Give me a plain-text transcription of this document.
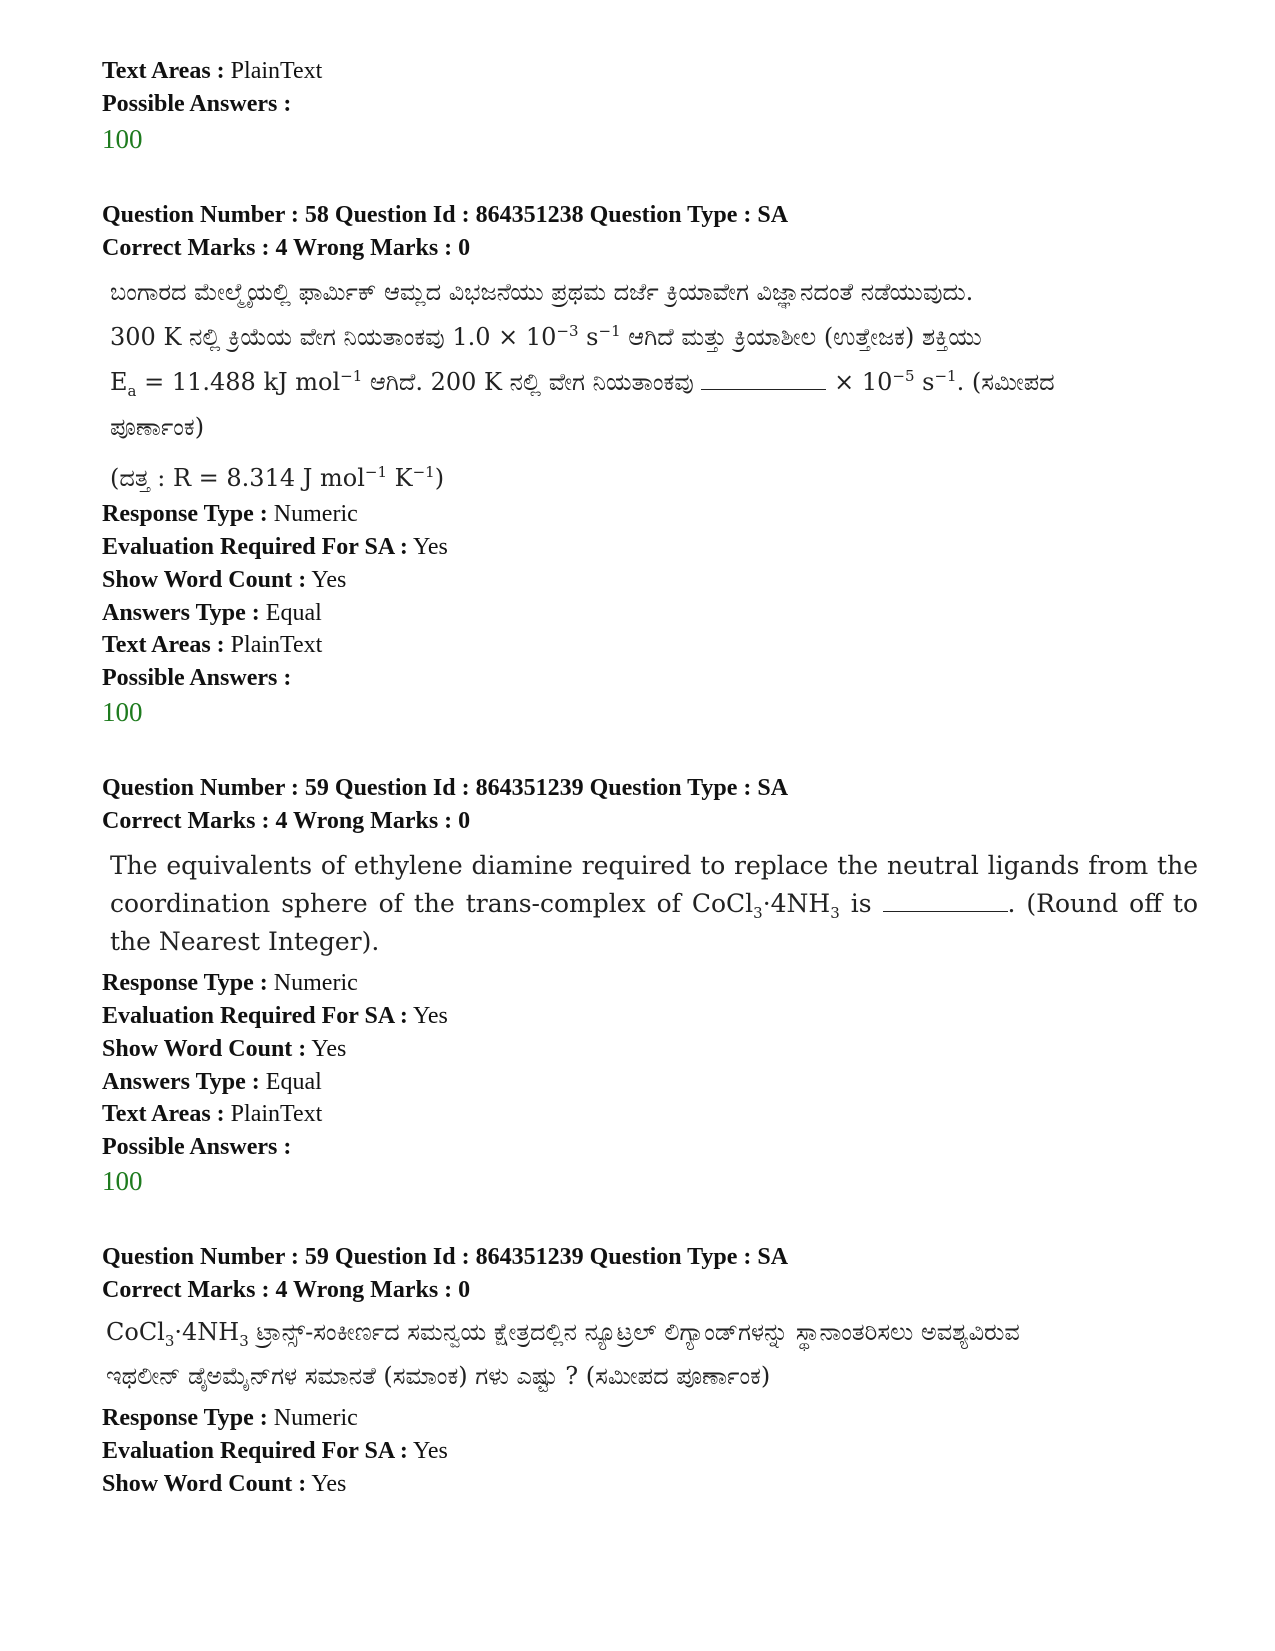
Text Areas : PlainText
Possible Answers :
100
Question Number : 58 Question Id : 864351238 Question Type : SA
Correct Marks : 4 Wrong Marks : 0

ಬಂಗಾರದ ಮೇಲ್ಮೈಯಲ್ಲಿ ಫಾರ್ಮಿಕ್ ಆಮ್ಲದ ವಿಭಜನೆಯು ಪ್ರಥಮ ದರ್ಜೆ ಕ್ರಿಯಾವೇಗ ವಿಜ್ಞಾನದಂತೆ ನಡೆಯುವುದು.

300 K ನಲ್ಲಿ ಕ್ರಿಯೆಯ ವೇಗ ನಿಯತಾಂಕವು $1.0 \times 10^{-3}$ $s^{-1}$ ಆಗಿದೆ ಮತ್ತು ಕ್ರಿಯಾಶೀಲ (ಉತ್ತೇಜಕ) ಶಕ್ತಿಯು

$E_a = 11.488$ kJ mol$^{-1}$ ಆಗಿದೆ. 200 K ನಲ್ಲಿ ವೇಗ ನಿಯತಾಂಕವು	× $10^{-5}$ $s^{-1}$. (ಸಮೀಪದ

ಪೂರ್ಣಾಂಕ)

(ದತ್ತ : R = 8.314 J mol$^{-1}$ $K^{-1}$)

Response Type : Numeric
Evaluation Required For SA : Yes
Show Word Count : Yes
Answers Type : Equal
Text Areas : PlainText
Possible Answers :
100
Question Number : 59 Question Id : 864351239 Question Type : SA
Correct Marks : 4 Wrong Marks : 0
The equivalents of ethylene diamine required to replace the neutral ligands from the coordination sphere of the trans-complex of $CoCl_3\cdot 4NH_3$ is	. (Round off to the Nearest Integer).
Response Type : Numeric
Evaluation Required For SA : Yes
Show Word Count : Yes
Answers Type : Equal
Text Areas : PlainText
Possible Answers :
100
Question Number : 59 Question Id : 864351239 Question Type : SA
Correct Marks : 4 Wrong Marks : 0

$CoCl_3\cdot 4NH_3$ ಟ್ರಾನ್ಸ್-ಸಂಕೀರ್ಣದ ಸಮನ್ವಯ ಕ್ಷೇತ್ರದಲ್ಲಿನ ನ್ಯೂಟ್ರಲ್ ಲಿಗ್ಯಾಂಡ್‌ಗಳನ್ನು ಸ್ಥಾನಾಂತರಿಸಲು ಅವಶ್ಯವಿರುವ

ಇಥಲೀನ್ ಡೈಅಮೈನ್‌ಗಳ ಸಮಾನತೆ (ಸಮಾಂಕ) ಗಳು ಎಷ್ಟು ? (ಸಮೀಪದ ಪೂರ್ಣಾಂಕ)

Response Type : Numeric
Evaluation Required For SA : Yes
Show Word Count : Yes
